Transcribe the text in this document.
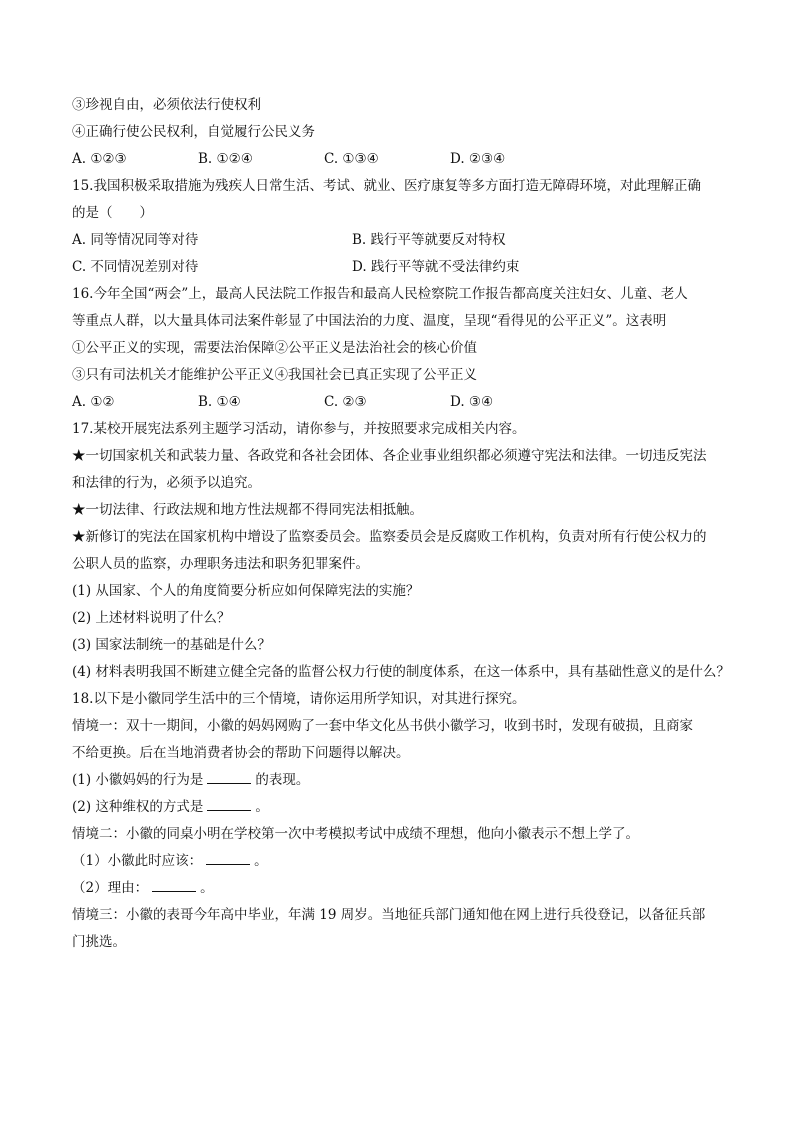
③珍视自由，必须依法行使权利
④正确行使公民权利，自觉履行公民义务
A. ①②③	B. ①②④	C. ①③④	D. ②③④
15.我国积极采取措施为残疾人日常生活、考试、就业、医疗康复等多方面打造无障碍环境，对此理解正确
的是（　　）
A. 同等情况同等对待	B. 践行平等就要反对特权
C. 不同情况差别对待	D. 践行平等就不受法律约束
16.今年全国“两会”上，最高人民法院工作报告和最高人民检察院工作报告都高度关注妇女、儿童、老人
等重点人群，以大量具体司法案件彰显了中国法治的力度、温度，呈现“看得见的公平正义”。这表明
①公平正义的实现，需要法治保障②公平正义是法治社会的核心价值
③只有司法机关才能维护公平正义④我国社会已真正实现了公平正义
A. ①②	B. ①④	C. ②③	D. ③④
17.某校开展宪法系列主题学习活动，请你参与，并按照要求完成相关内容。
★一切国家机关和武装力量、各政党和各社会团体、各企业事业组织都必须遵守宪法和法律。一切违反宪法
和法律的行为，必须予以追究。
★一切法律、行政法规和地方性法规都不得同宪法相抵触。
★新修订的宪法在国家机构中增设了监察委员会。监察委员会是反腐败工作机构，负责对所有行使公权力的
公职人员的监察，办理职务违法和职务犯罪案件。
(1) 从国家、个人的角度简要分析应如何保障宪法的实施？
(2) 上述材料说明了什么？
(3) 国家法制统一的基础是什么？
(4) 材料表明我国不断建立健全完备的监督公权力行使的制度体系，在这一体系中，具有基础性意义的是什么？
18.以下是小徽同学生活中的三个情境，请你运用所学知识，对其进行探究。
情境一：双十一期间，小徽的妈妈网购了一套中华文化丛书供小徽学习，收到书时，发现有破损，且商家
不给更换。后在当地消费者协会的帮助下问题得以解决。
(1) 小徽妈妈的行为是	的表现。
(2) 这种维权的方式是	。
情境二：小徽的同桌小明在学校第一次中考模拟考试中成绩不理想，他向小徽表示不想上学了。
（1）小徽此时应该：	。
（2）理由：	。
情境三：小徽的表哥今年高中毕业，年满 19 周岁。当地征兵部门通知他在网上进行兵役登记，以备征兵部
门挑选。
